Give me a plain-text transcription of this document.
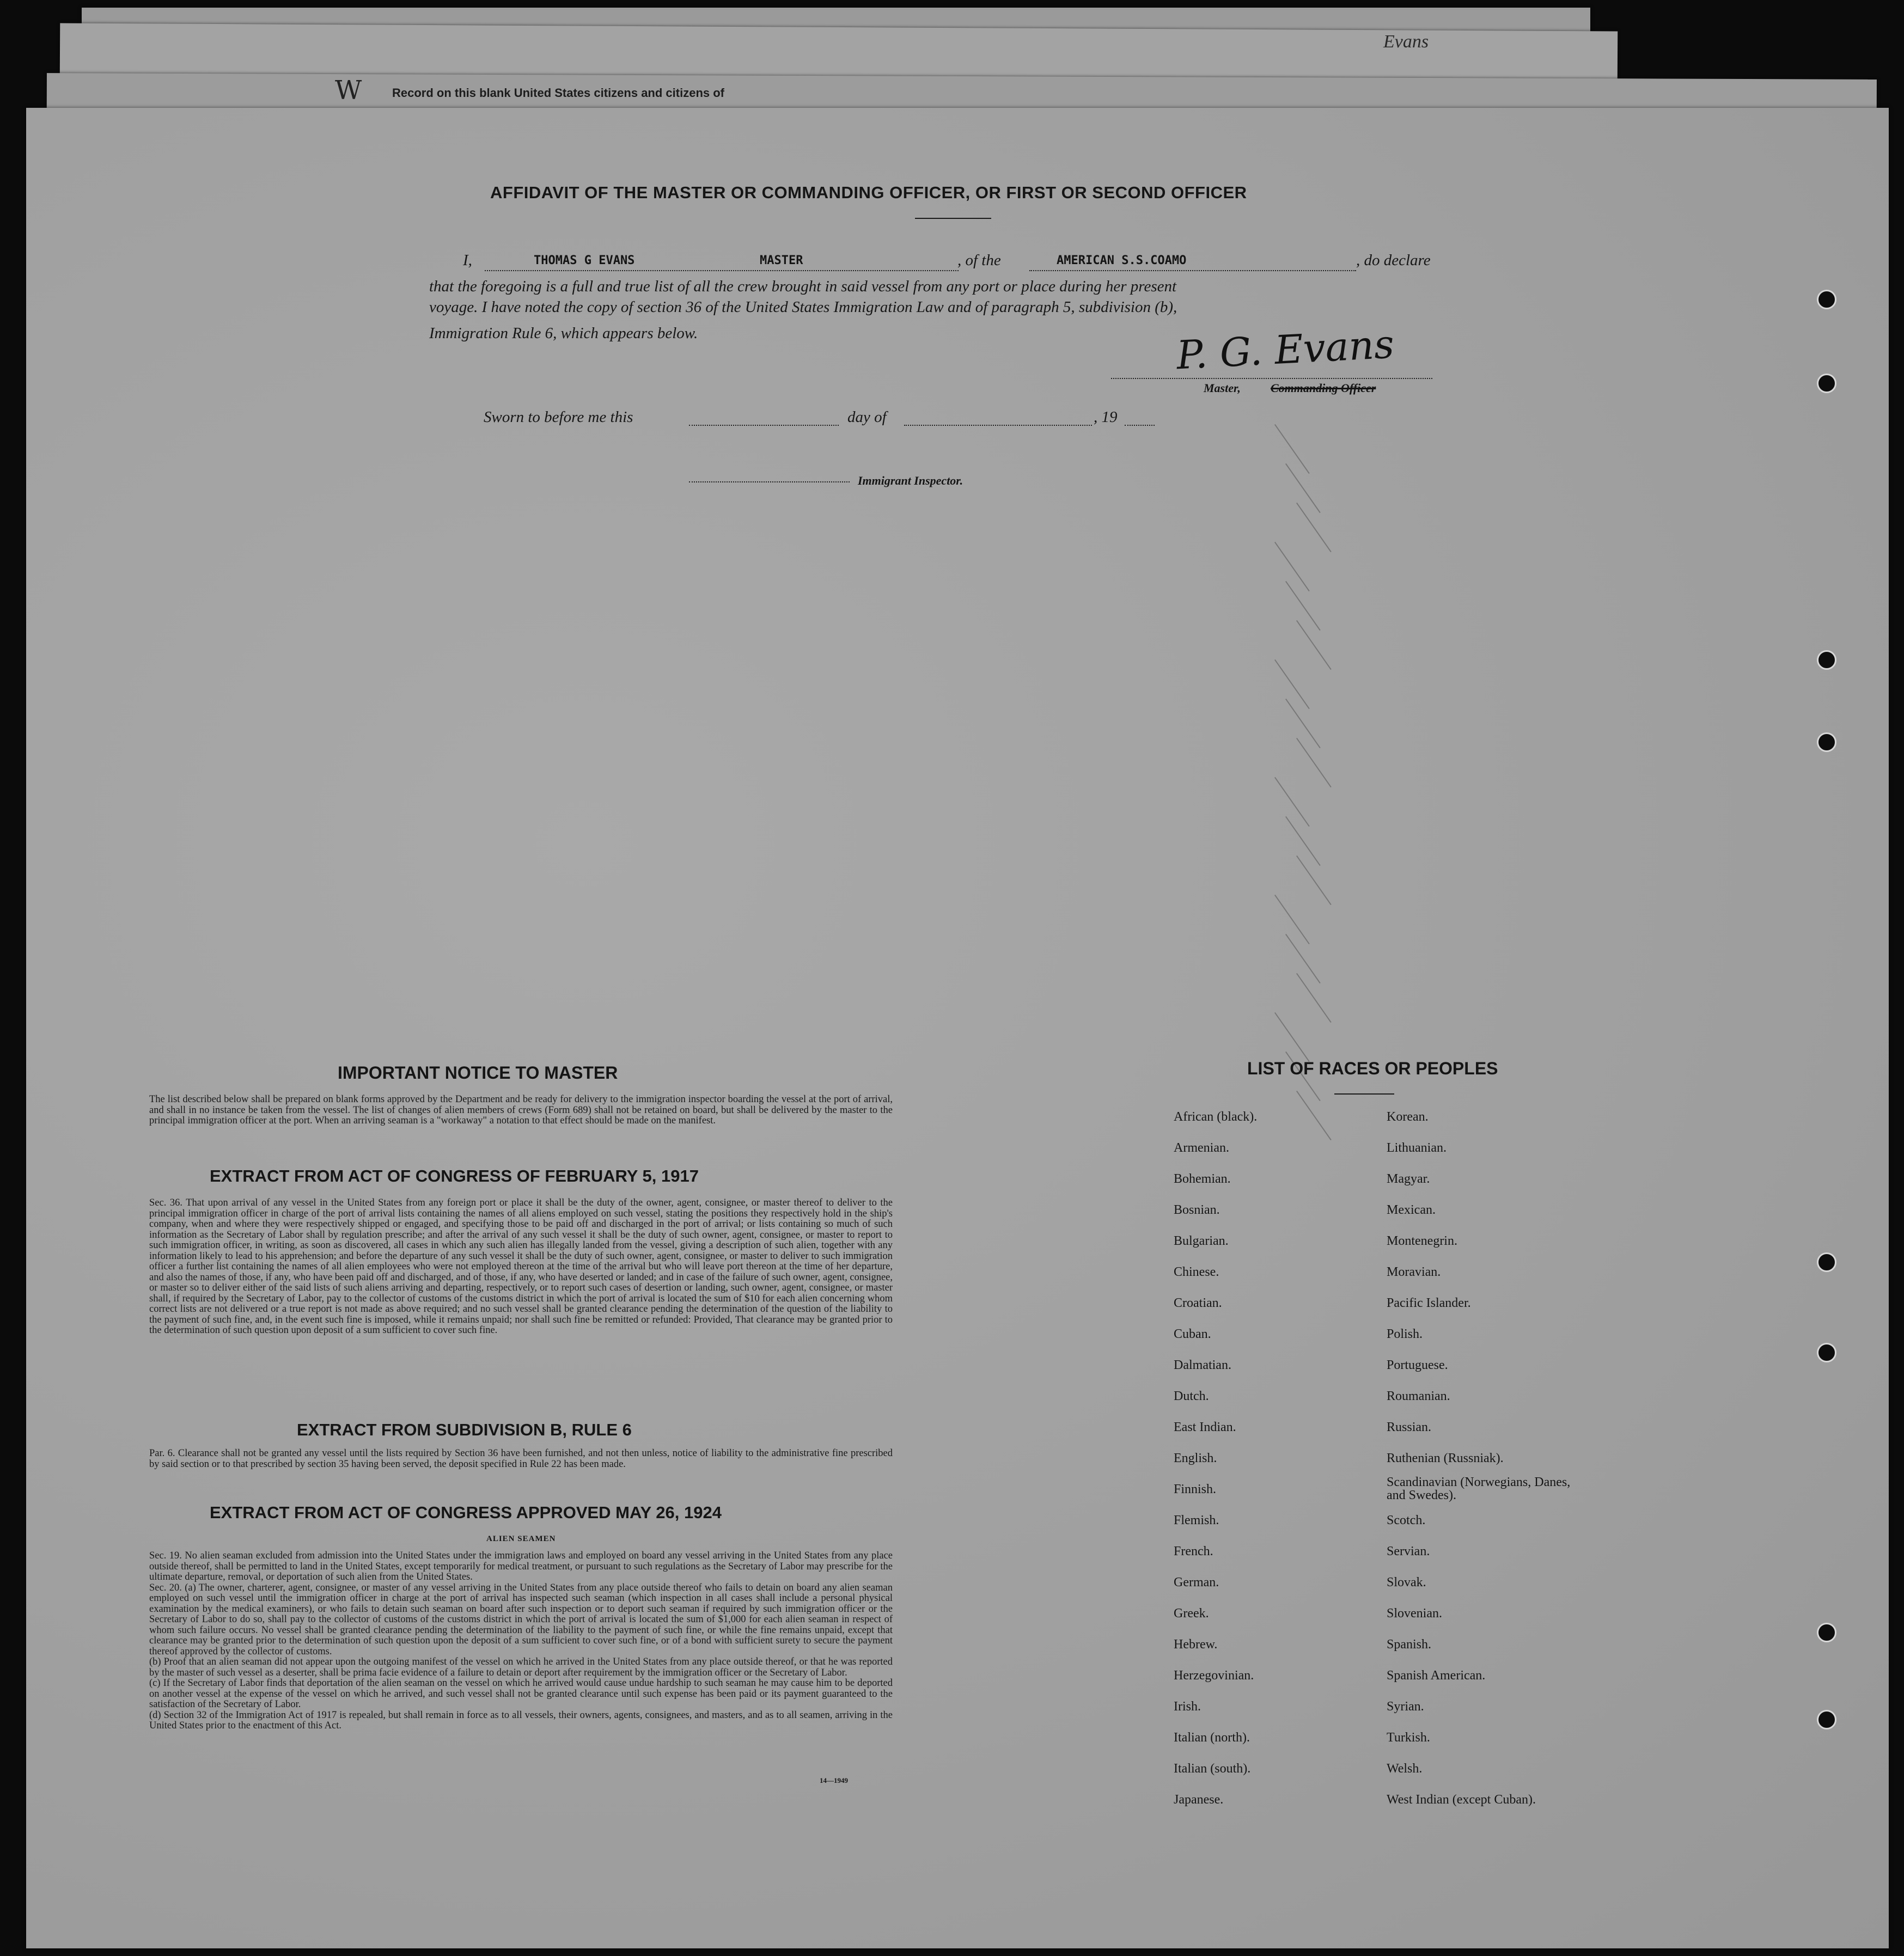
Evans
W	Record on this blank United States citizens and citizens of
AFFIDAVIT OF THE MASTER OR COMMANDING OFFICER, OR FIRST OR SECOND OFFICER
I,	THOMAS G EVANS	MASTER	, of the	AMERICAN S.S.COAMO	, do declare
that the foregoing is a full and true list of all the crew brought in said vessel from any port or place during her present
voyage. I have noted the copy of section 36 of the United States Immigration Law and of paragraph 5, subdivision (b),
Immigration Rule 6, which appears below.	P. G. Evans
Master,	Commanding Officer
Sworn to before me this	day of	, 19
Immigrant Inspector.
IMPORTANT NOTICE TO MASTER
The list described below shall be prepared on blank forms approved by the Department and be ready for delivery to the immigration inspector boarding the vessel at the port of arrival, and shall in no instance be taken from the vessel. The list of changes of alien members of crews (Form 689) shall not be retained on board, but shall be delivered by the master to the principal immigration officer at the port. When an arriving seaman is a "workaway" a notation to that effect should be made on the manifest.
EXTRACT FROM ACT OF CONGRESS OF FEBRUARY 5, 1917
Sec. 36. That upon arrival of any vessel in the United States from any foreign port or place it shall be the duty of the owner, agent, consignee, or master thereof to deliver to the principal immigration officer in charge of the port of arrival lists containing the names of all aliens employed on such vessel, stating the positions they respectively hold in the ship's company, when and where they were respectively shipped or engaged, and specifying those to be paid off and discharged in the port of arrival; or lists containing so much of such information as the Secretary of Labor shall by regulation prescribe; and after the arrival of any such vessel it shall be the duty of such owner, agent, consignee, or master to report to such immigration officer, in writing, as soon as discovered, all cases in which any such alien has illegally landed from the vessel, giving a description of such alien, together with any information likely to lead to his apprehension; and before the departure of any such vessel it shall be the duty of such owner, agent, consignee, or master to deliver to such immigration officer a further list containing the names of all alien employees who were not employed thereon at the time of the arrival but who will leave port thereon at the time of her departure, and also the names of those, if any, who have been paid off and discharged, and of those, if any, who have deserted or landed; and in case of the failure of such owner, agent, consignee, or master so to deliver either of the said lists of such aliens arriving and departing, respectively, or to report such cases of desertion or landing, such owner, agent, consignee, or master shall, if required by the Secretary of Labor, pay to the collector of customs of the customs district in which the port of arrival is located the sum of $10 for each alien concerning whom correct lists are not delivered or a true report is not made as above required; and no such vessel shall be granted clearance pending the determination of the question of the liability to the payment of such fine, and, in the event such fine is imposed, while it remains unpaid; nor shall such fine be remitted or refunded: Provided, That clearance may be granted prior to the determination of such question upon deposit of a sum sufficient to cover such fine.
EXTRACT FROM SUBDIVISION B, RULE 6
Par. 6. Clearance shall not be granted any vessel until the lists required by Section 36 have been furnished, and not then unless, notice of liability to the administrative fine prescribed by said section or to that prescribed by section 35 having been served, the deposit specified in Rule 22 has been made.
EXTRACT FROM ACT OF CONGRESS APPROVED MAY 26, 1924
ALIEN SEAMEN
Sec. 19. No alien seaman excluded from admission into the United States under the immigration laws and employed on board any vessel arriving in the United States from any place outside thereof, shall be permitted to land in the United States, except temporarily for medical treatment, or pursuant to such regulations as the Secretary of Labor may prescribe for the ultimate departure, removal, or deportation of such alien from the United States.
Sec. 20. (a) The owner, charterer, agent, consignee, or master of any vessel arriving in the United States from any place outside thereof who fails to detain on board any alien seaman employed on such vessel until the immigration officer in charge at the port of arrival has inspected such seaman (which inspection in all cases shall include a personal physical examination by the medical examiners), or who fails to detain such seaman on board after such inspection or to deport such seaman if required by such immigration officer or the Secretary of Labor to do so, shall pay to the collector of customs of the customs district in which the port of arrival is located the sum of $1,000 for each alien seaman in respect of whom such failure occurs. No vessel shall be granted clearance pending the determination of the liability to the payment of such fine, or while the fine remains unpaid, except that clearance may be granted prior to the determination of such question upon the deposit of a sum sufficient to cover such fine, or of a bond with sufficient surety to secure the payment thereof approved by the collector of customs.
(b) Proof that an alien seaman did not appear upon the outgoing manifest of the vessel on which he arrived in the United States from any place outside thereof, or that he was reported by the master of such vessel as a deserter, shall be prima facie evidence of a failure to detain or deport after requirement by the immigration officer or the Secretary of Labor.
(c) If the Secretary of Labor finds that deportation of the alien seaman on the vessel on which he arrived would cause undue hardship to such seaman he may cause him to be deported on another vessel at the expense of the vessel on which he arrived, and such vessel shall not be granted clearance until such expense has been paid or its payment guaranteed to the satisfaction of the Secretary of Labor.
(d) Section 32 of the Immigration Act of 1917 is repealed, but shall remain in force as to all vessels, their owners, agents, consignees, and masters, and as to all seamen, arriving in the United States prior to the enactment of this Act.
14—1949
LIST OF RACES OR PEOPLES
African (black).
Armenian.
Bohemian.
Bosnian.
Bulgarian.
Chinese.
Croatian.
Cuban.
Dalmatian.
Dutch.
East Indian.
English.
Finnish.
Flemish.
French.
German.
Greek.
Hebrew.
Herzegovinian.
Irish.
Italian (north).
Italian (south).
Japanese.
Korean.
Lithuanian.
Magyar.
Mexican.
Montenegrin.
Moravian.
Pacific Islander.
Polish.
Portuguese.
Roumanian.
Russian.
Ruthenian (Russniak).
Scandinavian (Norwegians, Danes, and Swedes).
Scotch.
Servian.
Slovak.
Slovenian.
Spanish.
Spanish American.
Syrian.
Turkish.
Welsh.
West Indian (except Cuban).
